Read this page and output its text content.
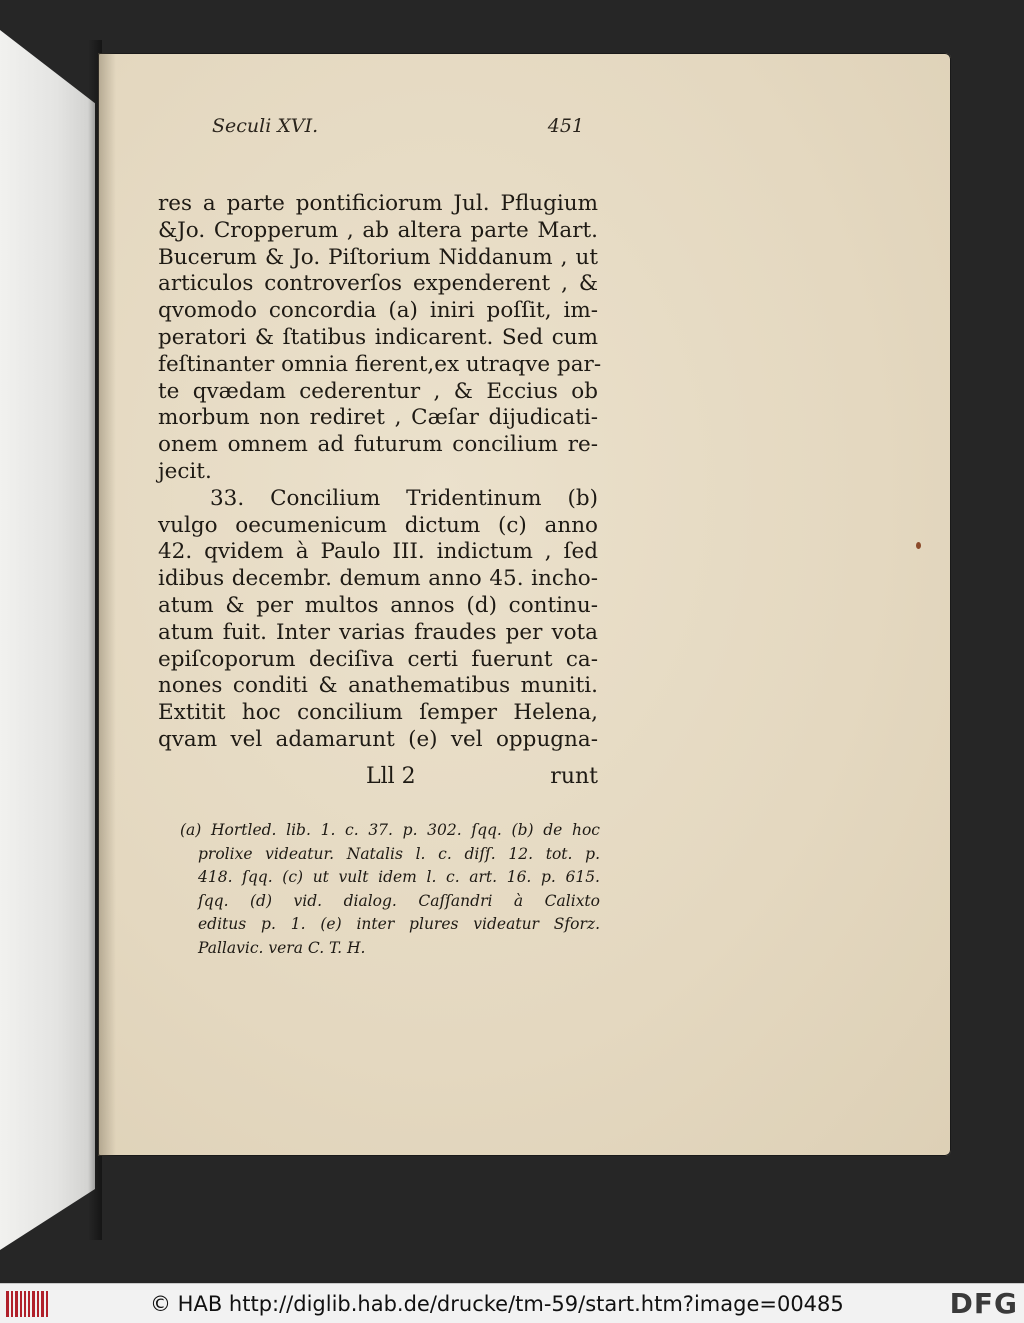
Seculi XVI.	451
res a parte pontificiorum Jul. Pflugium
&Jo. Cropperum , ab altera parte Mart.
Bucerum & Jo. Piſtorium Niddanum , ut
articulos controverſos expenderent , &
qvomodo concordia (a) iniri poſſit, im-
peratori & ſtatibus indicarent. Sed cum
feſtinanter omnia fierent,ex utraqve par-
te qvædam cederentur , & Eccius ob
morbum non rediret , Cæſar dijudicati-
onem omnem ad futurum concilium re-
jecit.
33. Concilium Tridentinum (b)
vulgo oecumenicum dictum (c) anno
42. qvidem à Paulo III. indictum , ſed
idibus decembr. demum anno 45. incho-
atum & per multos annos (d) continu-
atum fuit. Inter varias fraudes per vota
epiſcoporum deciſiva certi fuerunt ca-
nones conditi & anathematibus muniti.
Extitit hoc concilium ſemper Helena,
qvam vel adamarunt (e) vel oppugna-
Lll 2	runt
(a) Hortled. lib. 1. c. 37. p. 302. ſqq. (b) de hoc
prolixe videatur. Natalis l. c. diſſ. 12. tot. p.
418. ſqq. (c) ut vult idem l. c. art. 16. p. 615.
ſqq. (d) vid. dialog. Caſſandri à Calixto
editus p. 1. (e) inter plures videatur Sforz.
Pallavic. vera C. T. H.
© HAB http://diglib.hab.de/drucke/tm-59/start.htm?image=00485	DFG
